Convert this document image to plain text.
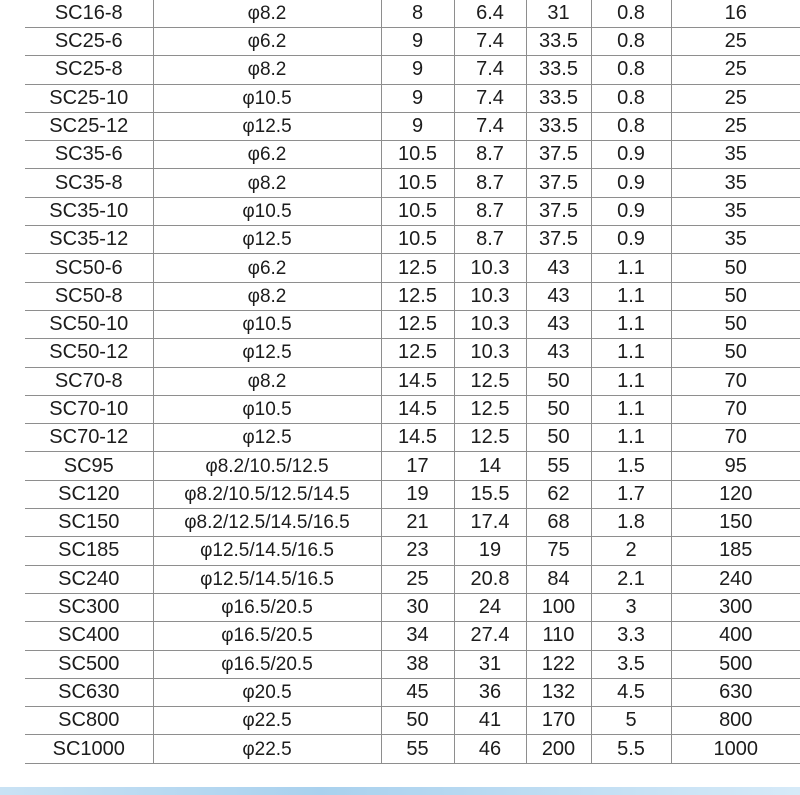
SC16-8	φ8.2	8	6.4	31	0.8	16
SC25-6	φ6.2	9	7.4	33.5	0.8	25
SC25-8	φ8.2	9	7.4	33.5	0.8	25
SC25-10	φ10.5	9	7.4	33.5	0.8	25
SC25-12	φ12.5	9	7.4	33.5	0.8	25
SC35-6	φ6.2	10.5	8.7	37.5	0.9	35
SC35-8	φ8.2	10.5	8.7	37.5	0.9	35
SC35-10	φ10.5	10.5	8.7	37.5	0.9	35
SC35-12	φ12.5	10.5	8.7	37.5	0.9	35
SC50-6	φ6.2	12.5	10.3	43	1.1	50
SC50-8	φ8.2	12.5	10.3	43	1.1	50
SC50-10	φ10.5	12.5	10.3	43	1.1	50
SC50-12	φ12.5	12.5	10.3	43	1.1	50
SC70-8	φ8.2	14.5	12.5	50	1.1	70
SC70-10	φ10.5	14.5	12.5	50	1.1	70
SC70-12	φ12.5	14.5	12.5	50	1.1	70
SC95	φ8.2/10.5/12.5	17	14	55	1.5	95
SC120	φ8.2/10.5/12.5/14.5	19	15.5	62	1.7	120
SC150	φ8.2/12.5/14.5/16.5	21	17.4	68	1.8	150
SC185	φ12.5/14.5/16.5	23	19	75	2	185
SC240	φ12.5/14.5/16.5	25	20.8	84	2.1	240
SC300	φ16.5/20.5	30	24	100	3	300
SC400	φ16.5/20.5	34	27.4	110	3.3	400
SC500	φ16.5/20.5	38	31	122	3.5	500
SC630	φ20.5	45	36	132	4.5	630
SC800	φ22.5	50	41	170	5	800
SC1000	φ22.5	55	46	200	5.5	1000
